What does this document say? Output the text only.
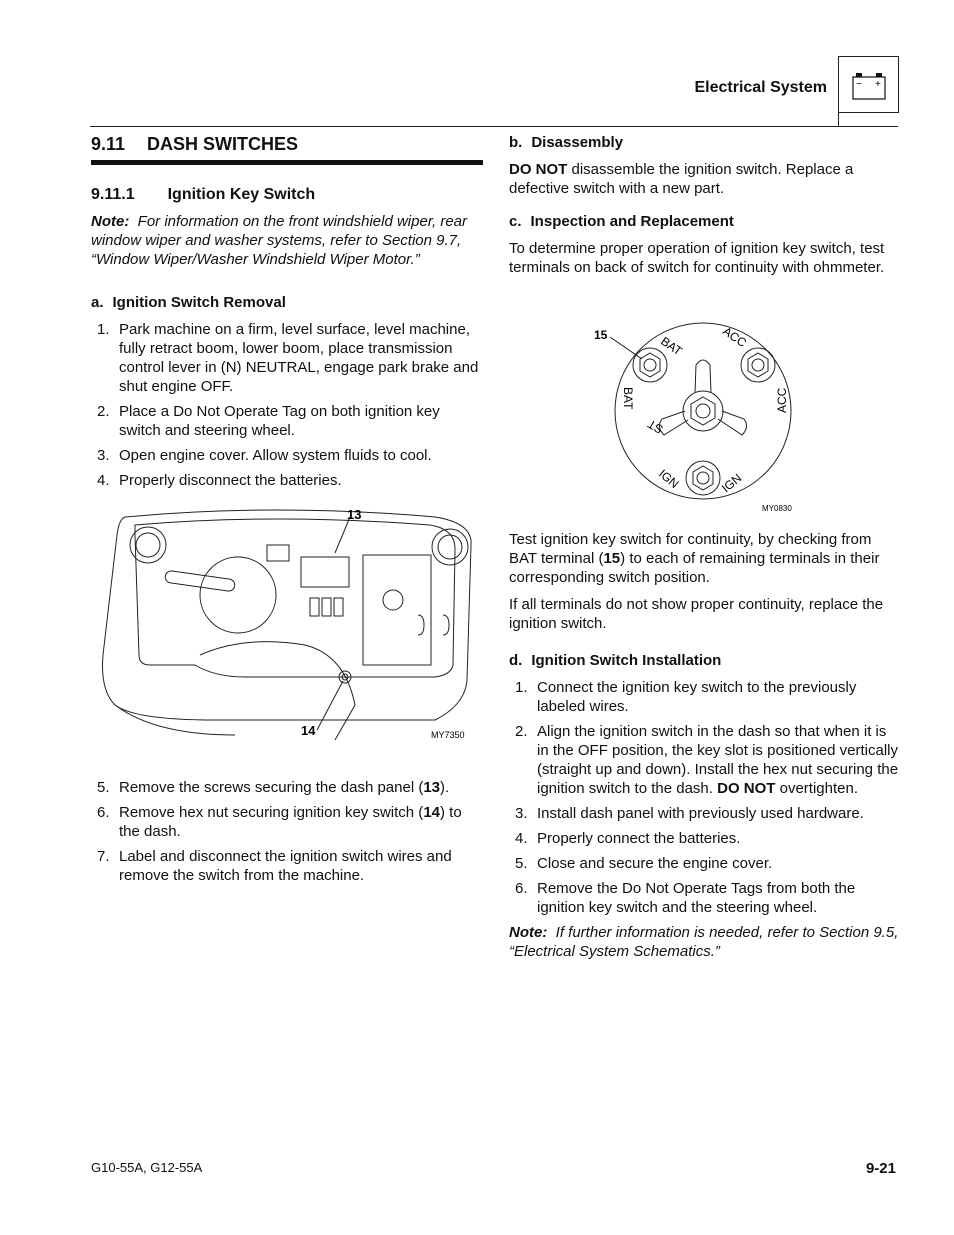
Electrical System	− +
9.11 DASH SWITCHES
9.11.1 Ignition Key Switch

Note: For information on the front windshield wiper, rear window wiper and washer systems, refer to Section 9.7, “Window Wiper/Washer Windshield Wiper Motor.”

a. Ignition Switch Removal
1. Park machine on a firm, level surface, level machine, fully retract boom, lower boom, place transmission control lever in (N) NEUTRAL, engage park brake and shut engine OFF.
2. Place a Do Not Operate Tag on both ignition key switch and steering wheel.
3. Open engine cover. Allow system fluids to cool.
4. Properly disconnect the batteries.
5. Remove the screws securing the dash panel (13).
6. Remove hex nut securing ignition key switch (14) to the dash.
7. Label and disconnect the ignition switch wires and remove the switch from the machine.
13
14	MY7350
b. Disassembly

DO NOT disassemble the ignition switch. Replace a defective switch with a new part.

c. Inspection and Replacement

To determine proper operation of ignition key switch, test terminals on back of switch for continuity with ohmmeter.

Test ignition key switch for continuity, by checking from BAT terminal (15) to each of remaining terminals in their corresponding switch position.

If all terminals do not show proper continuity, replace the ignition switch.

d. Ignition Switch Installation
1. Connect the ignition key switch to the previously labeled wires.
2. Align the ignition switch in the dash so that when it is in the OFF position, the key slot is positioned vertically (straight up and down). Install the hex nut securing the ignition switch to the dash. DO NOT overtighten.
3. Install dash panel with previously used hardware.
4. Properly connect the batteries.
5. Close and secure the engine cover.
6. Remove the Do Not Operate Tags from both the ignition key switch and the steering wheel.

Note: If further information is needed, refer to Section 9.5, “Electrical System Schematics.”

15	BAT	ACC
BAT	ACC
ST
IGN	IGN
MY0830
G10-55A, G12-55A	9-21
